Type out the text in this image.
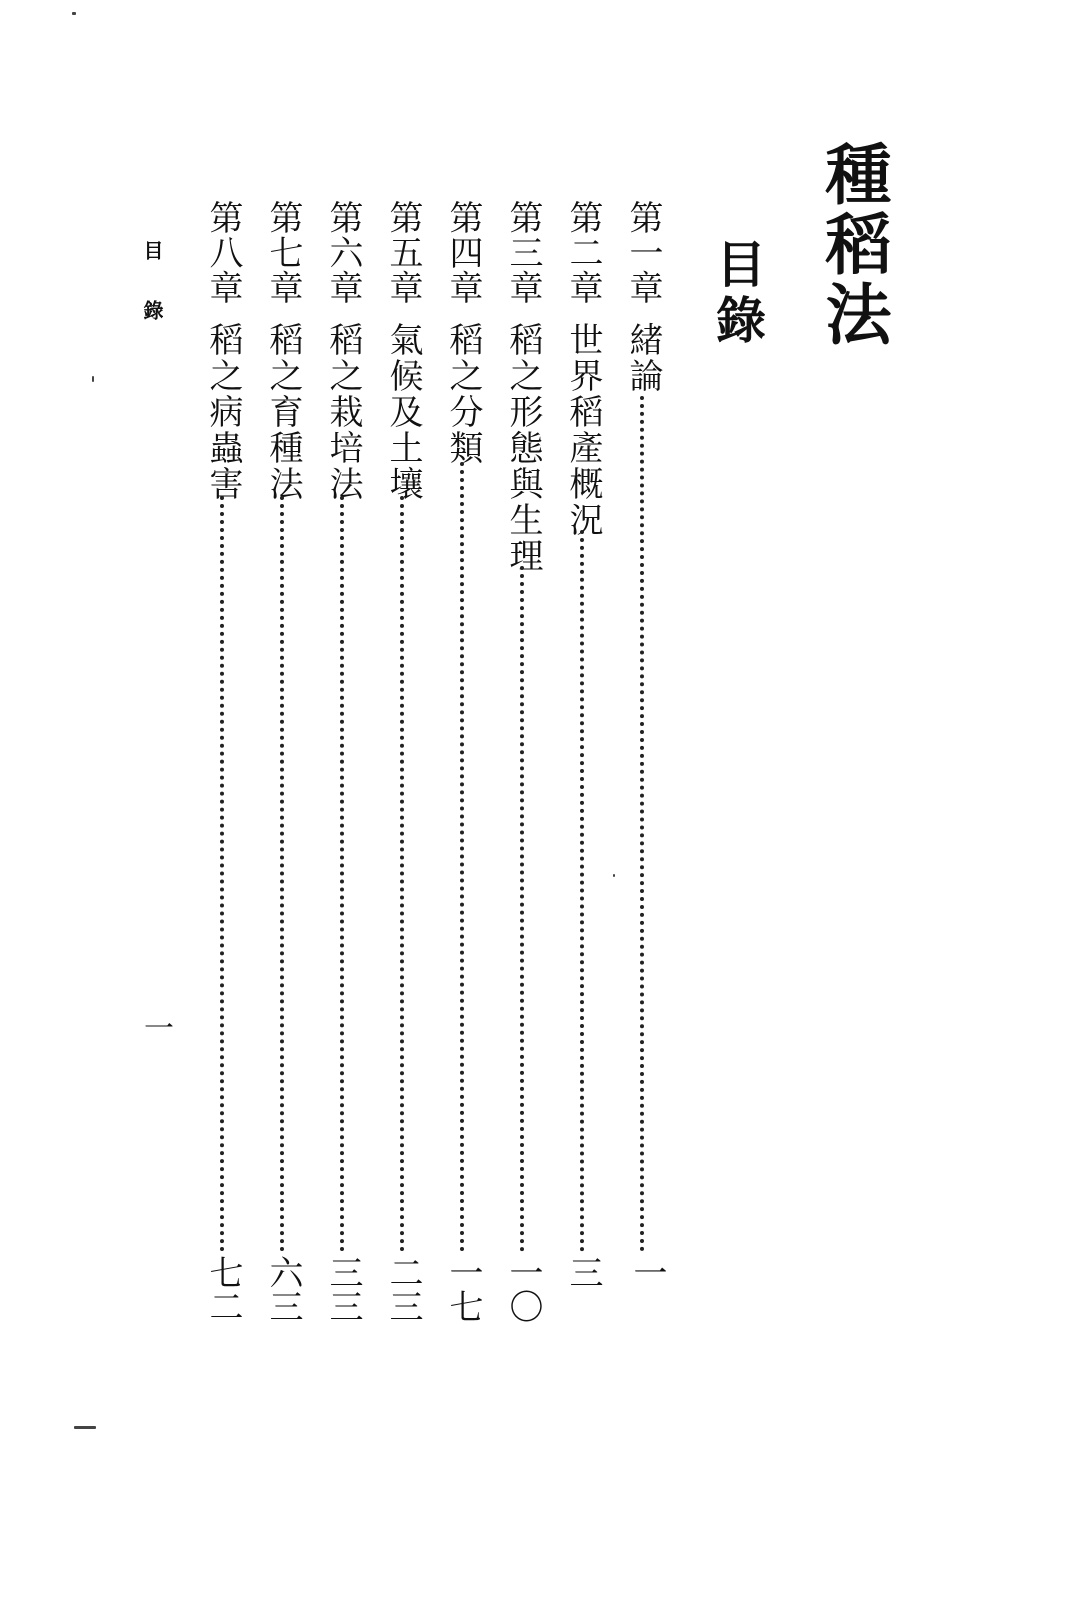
種稻法
目錄
第一章
緒論
一
第二章
世界稻產概況
三
第三章
稻之形態與生理
一〇
第四章
稻之分類
一七
第五章
氣候及土壤
二三
第六章
稻之栽培法
三三
第七章
稻之育種法
六三
第八章
稻之病蟲害
七二
目錄
一
